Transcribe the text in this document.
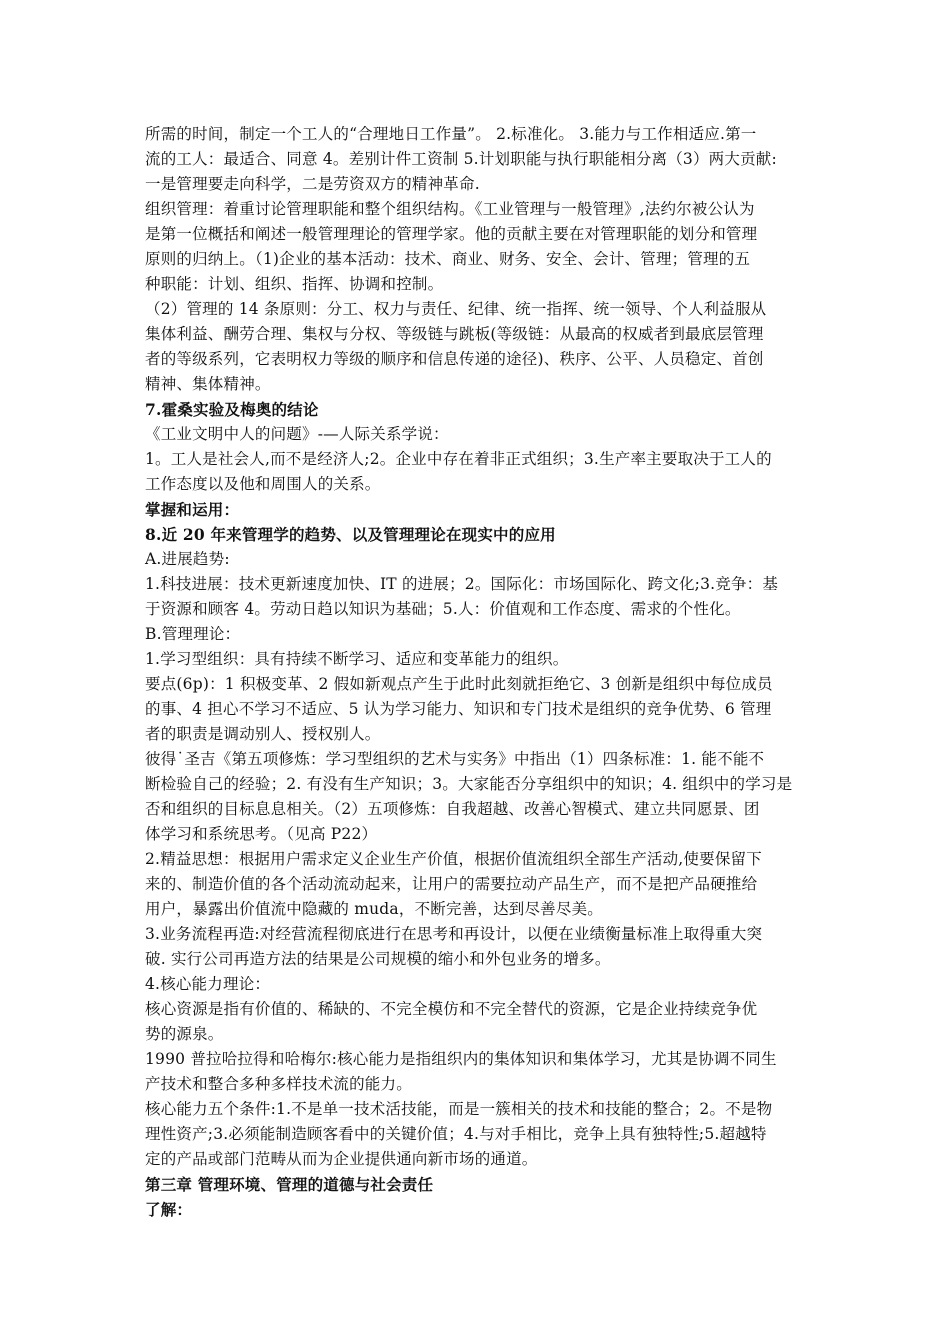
所需的时间，制定一个工人的“合理地日工作量”。 2.标准化。 3.能力与工作相适应.第一
流的工人：最适合、同意 4。差别计件工资制 5.计划职能与执行职能相分离（3）两大贡献:
一是管理要走向科学，二是劳资双方的精神革命.
组织管理：着重讨论管理职能和整个组织结构。《工业管理与一般管理》,法约尔被公认为
是第一位概括和阐述一般管理理论的管理学家。他的贡献主要在对管理职能的划分和管理
原则的归纳上。（1)企业的基本活动：技术、商业、财务、安全、会计、管理；管理的五
种职能：计划、组织、指挥、协调和控制。
（2）管理的 14 条原则：分工、权力与责任、纪律、统一指挥、统一领导、个人利益服从
集体利益、酬劳合理、集权与分权、等级链与跳板(等级链：从最高的权威者到最底层管理
者的等级系列，它表明权力等级的顺序和信息传递的途径)、秩序、公平、人员稳定、首创
精神、集体精神。
7.霍桑实验及梅奥的结论
《工业文明中人的问题》-—人际关系学说：
1。工人是社会人,而不是经济人;2。企业中存在着非正式组织；3.生产率主要取决于工人的
工作态度以及他和周围人的关系。
掌握和运用：
8.近 20 年来管理学的趋势、以及管理理论在现实中的应用
A.进展趋势:
1.科技进展：技术更新速度加快、IT 的进展；2。国际化：市场国际化、跨文化;3.竞争：基
于资源和顾客 4。劳动日趋以知识为基础；5.人：价值观和工作态度、需求的个性化。
B.管理理论：
1.学习型组织：具有持续不断学习、适应和变革能力的组织。
要点(6p)：1 积极变革、2 假如新观点产生于此时此刻就拒绝它、3 创新是组织中每位成员
的事、4 担心不学习不适应、5 认为学习能力、知识和专门技术是组织的竞争优势、6 管理
者的职责是调动别人、授权别人。
彼得˙圣吉《第五项修炼：学习型组织的艺术与实务》中指出（1）四条标准：1. 能不能不
断检验自己的经验；2. 有没有生产知识；3。大家能否分享组织中的知识；4. 组织中的学习是
否和组织的目标息息相关。（2）五项修炼：自我超越、改善心智模式、建立共同愿景、团
体学习和系统思考。（见高 P22）
2.精益思想：根据用户需求定义企业生产价值，根据价值流组织全部生产活动,使要保留下
来的、制造价值的各个活动流动起来，让用户的需要拉动产品生产，而不是把产品硬推给
用户，暴露出价值流中隐藏的 muda，不断完善，达到尽善尽美。
3.业务流程再造:对经营流程彻底进行在思考和再设计，以便在业绩衡量标准上取得重大突
破. 实行公司再造方法的结果是公司规模的缩小和外包业务的增多。
4.核心能力理论：
核心资源是指有价值的、稀缺的、不完全模仿和不完全替代的资源，它是企业持续竞争优
势的源泉。
1990 普拉哈拉得和哈梅尔:核心能力是指组织内的集体知识和集体学习，尤其是协调不同生
产技术和整合多种多样技术流的能力。
核心能力五个条件:1.不是单一技术活技能，而是一簇相关的技术和技能的整合；2。不是物
理性资产;3.必须能制造顾客看中的关键价值；4.与对手相比，竞争上具有独特性;5.超越特
定的产品或部门范畴从而为企业提供通向新市场的通道。
第三章 管理环境、管理的道德与社会责任
了解：
